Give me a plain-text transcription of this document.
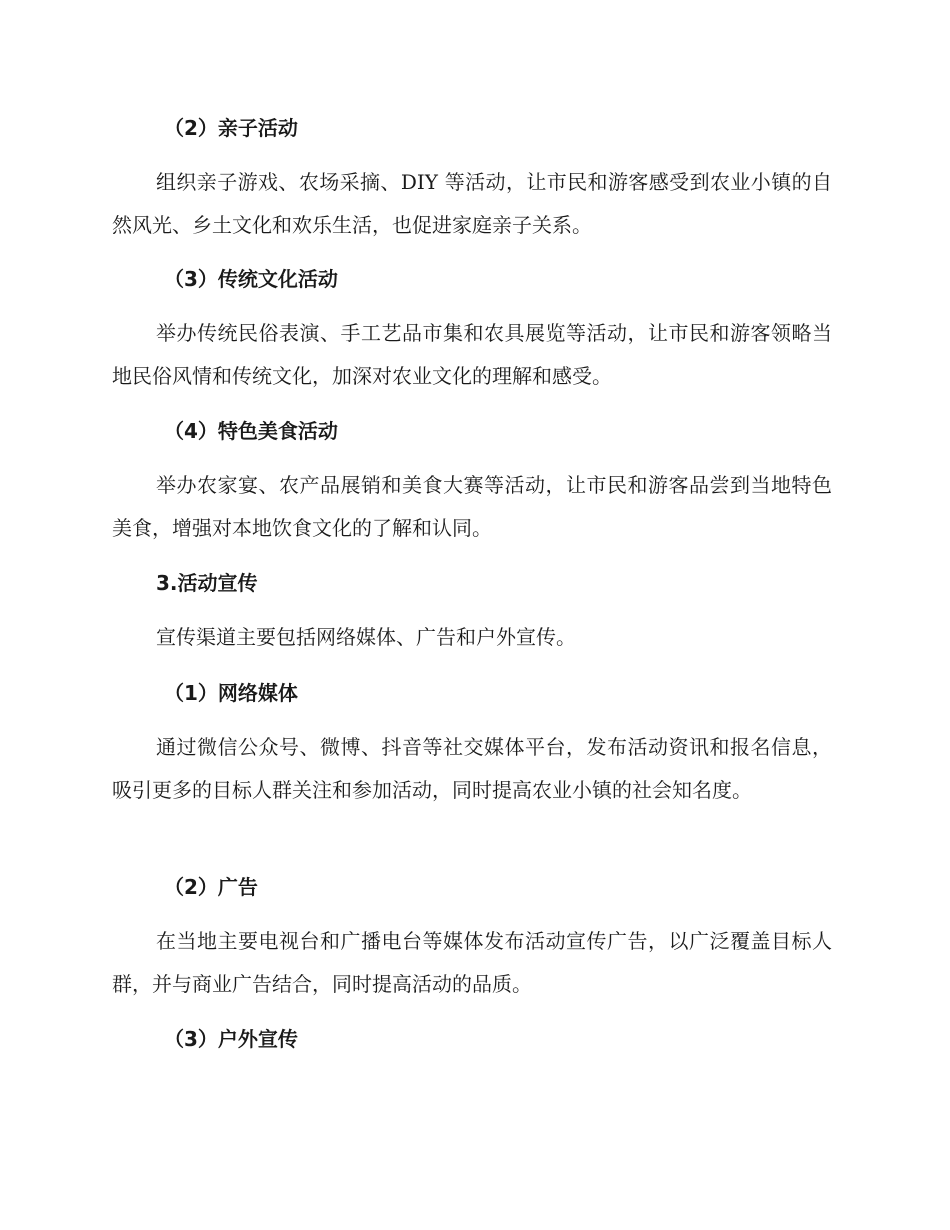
（2）亲子活动
组织亲子游戏、农场采摘、DIY 等活动，让市民和游客感受到农业小镇的自然风光、乡土文化和欢乐生活，也促进家庭亲子关系。
（3）传统文化活动
举办传统民俗表演、手工艺品市集和农具展览等活动，让市民和游客领略当地民俗风情和传统文化，加深对农业文化的理解和感受。
（4）特色美食活动
举办农家宴、农产品展销和美食大赛等活动，让市民和游客品尝到当地特色美食，增强对本地饮食文化的了解和认同。
3.活动宣传
宣传渠道主要包括网络媒体、广告和户外宣传。
（1）网络媒体
通过微信公众号、微博、抖音等社交媒体平台，发布活动资讯和报名信息，吸引更多的目标人群关注和参加活动，同时提高农业小镇的社会知名度。
（2）广告
在当地主要电视台和广播电台等媒体发布活动宣传广告，以广泛覆盖目标人群，并与商业广告结合，同时提高活动的品质。
（3）户外宣传
